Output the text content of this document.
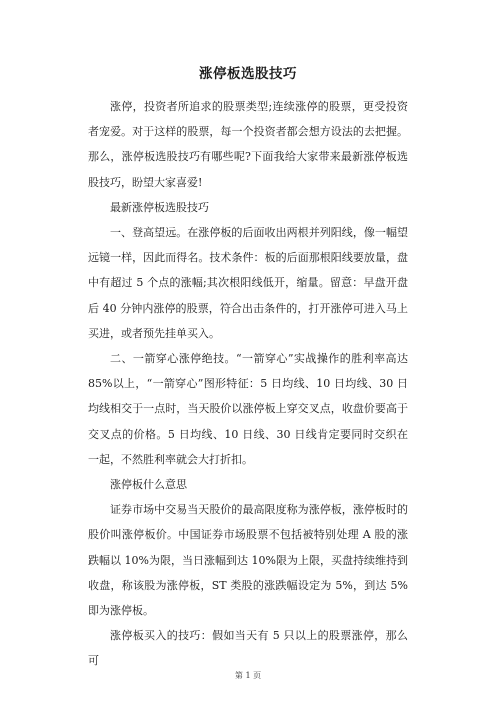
涨停板选股技巧

涨停，投资者所追求的股票类型;连续涨停的股票，更受投资者宠爱。对于这样的股票，每一个投资者都会想方设法的去把握。那么，涨停板选股技巧有哪些呢?下面我给大家带来最新涨停板选股技巧，盼望大家喜爱!

最新涨停板选股技巧

一、登高望远。在涨停板的后面收出两根并列阳线，像一幅望远镜一样，因此而得名。技术条件：板的后面那根阳线要放量，盘中有超过 5 个点的涨幅;其次根阳线低开，缩量。留意：早盘开盘后 40 分钟内涨停的股票，符合出击条件的，打开涨停可进入马上买进，或者预先挂单买入。

二、一箭穿心涨停绝技。“一箭穿心”实战操作的胜利率高达 85%以上，“一箭穿心”图形特征：5 日均线、10 日均线、30 日均线相交于一点时，当天股价以涨停板上穿交叉点，收盘价要高于交叉点的价格。5 日均线、10 日线、30 日线肯定要同时交织在一起，不然胜利率就会大打折扣。

涨停板什么意思

证券市场中交易当天股价的最高限度称为涨停板，涨停板时的股价叫涨停板价。中国证券市场股票不包括被特别处理 A 股的涨跌幅以 10%为限，当日涨幅到达 10%限为上限，买盘持续维持到收盘，称该股为涨停板，ST 类股的涨跌幅设定为 5%，到达 5%即为涨停板。

涨停板买入的技巧：假如当天有 5 只以上的股票涨停，那么可

第 1 页
